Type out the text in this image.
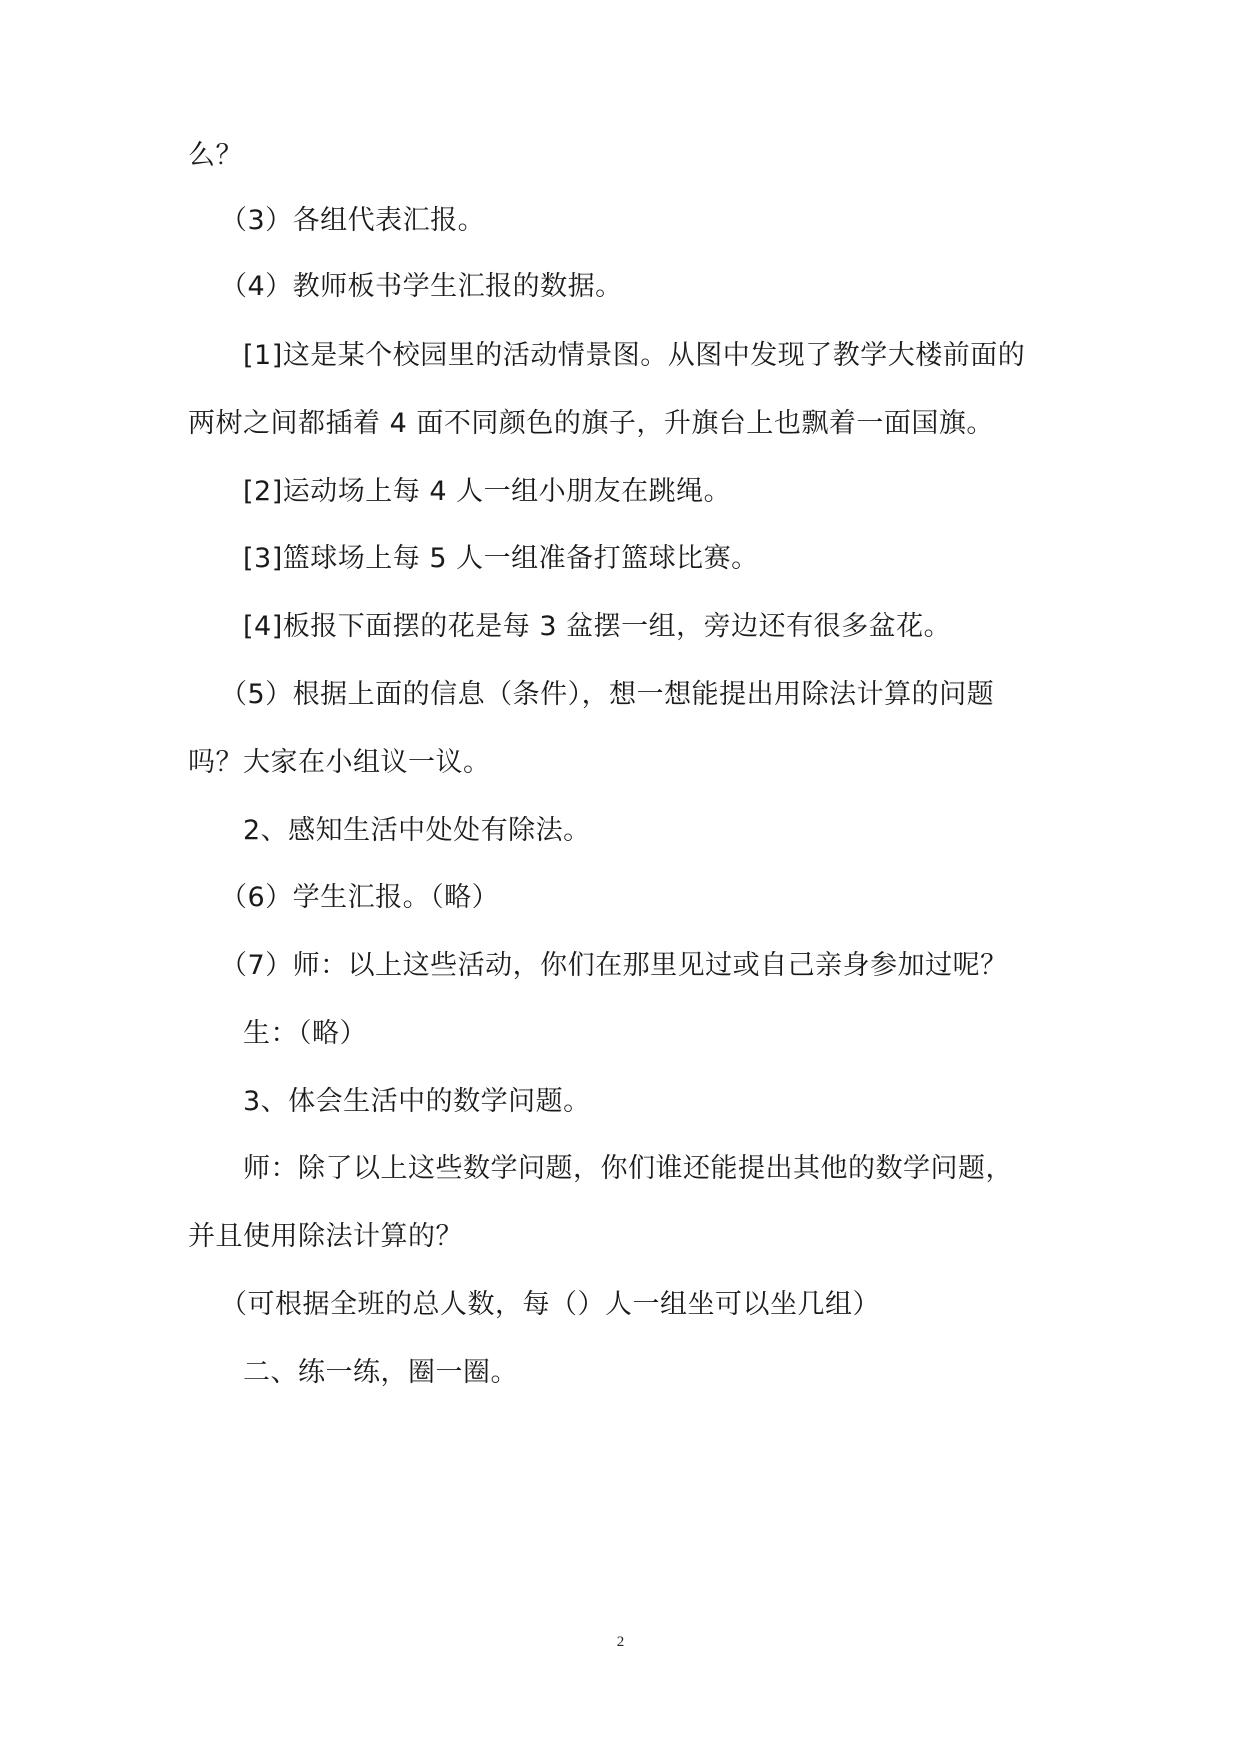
么？
（3）各组代表汇报。
（4）教师板书学生汇报的数据。
[1]这是某个校园里的活动情景图。从图中发现了教学大楼前面的
两树之间都插着 4 面不同颜色的旗子，升旗台上也飘着一面国旗。
[2]运动场上每 4 人一组小朋友在跳绳。
[3]篮球场上每 5 人一组准备打篮球比赛。
[4]板报下面摆的花是每 3 盆摆一组，旁边还有很多盆花。
（5）根据上面的信息（条件），想一想能提出用除法计算的问题
吗？大家在小组议一议。
2、感知生活中处处有除法。
（6）学生汇报。（略）
（7）师：以上这些活动，你们在那里见过或自己亲身参加过呢？
生：（略）
3、体会生活中的数学问题。
师：除了以上这些数学问题，你们谁还能提出其他的数学问题，
并且使用除法计算的？
（可根据全班的总人数，每（）人一组坐可以坐几组）
二、练一练，圈一圈。
2
